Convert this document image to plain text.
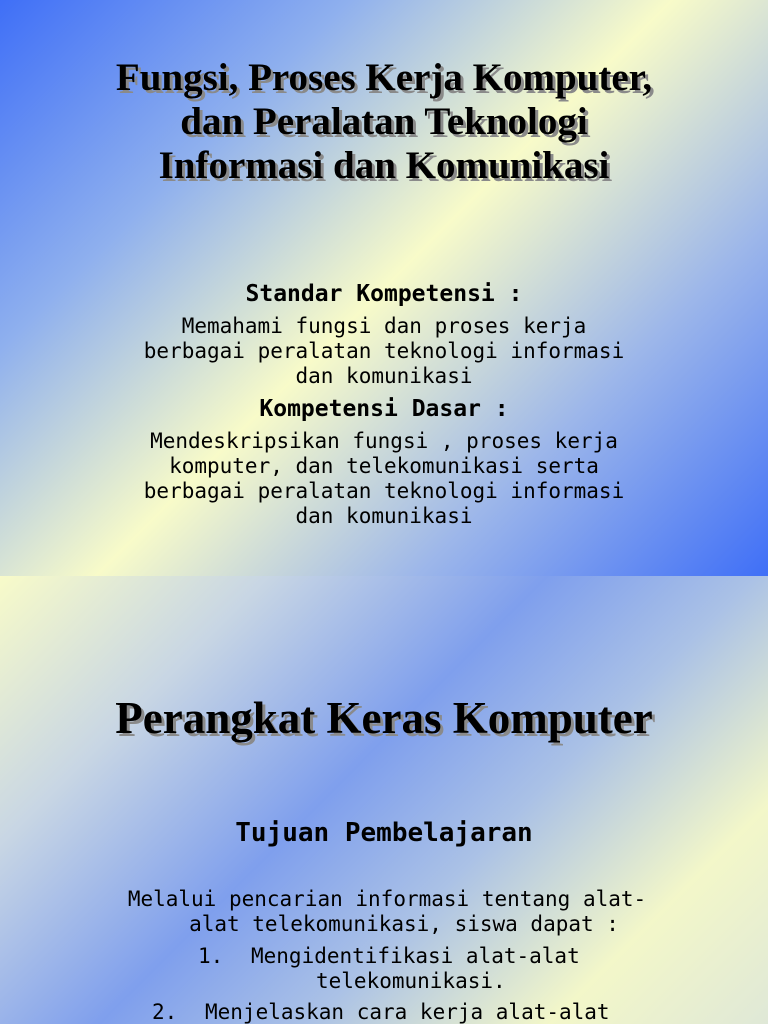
Fungsi, Proses Kerja Komputer,
dan Peralatan Teknologi
Informasi dan Komunikasi
Standar Kompetensi :
Memahami fungsi dan proses kerja
berbagai peralatan teknologi informasi
dan komunikasi
Kompetensi Dasar :
Mendeskripsikan fungsi , proses kerja
komputer, dan telekomunikasi serta
berbagai peralatan teknologi informasi
dan komunikasi
Perangkat Keras Komputer
Tujuan Pembelajaran
Melalui pencarian informasi tentang alat-
alat telekomunikasi, siswa dapat :
1. Mengidentifikasi alat-alat
telekomunikasi.
2. Menjelaskan cara kerja alat-alat
